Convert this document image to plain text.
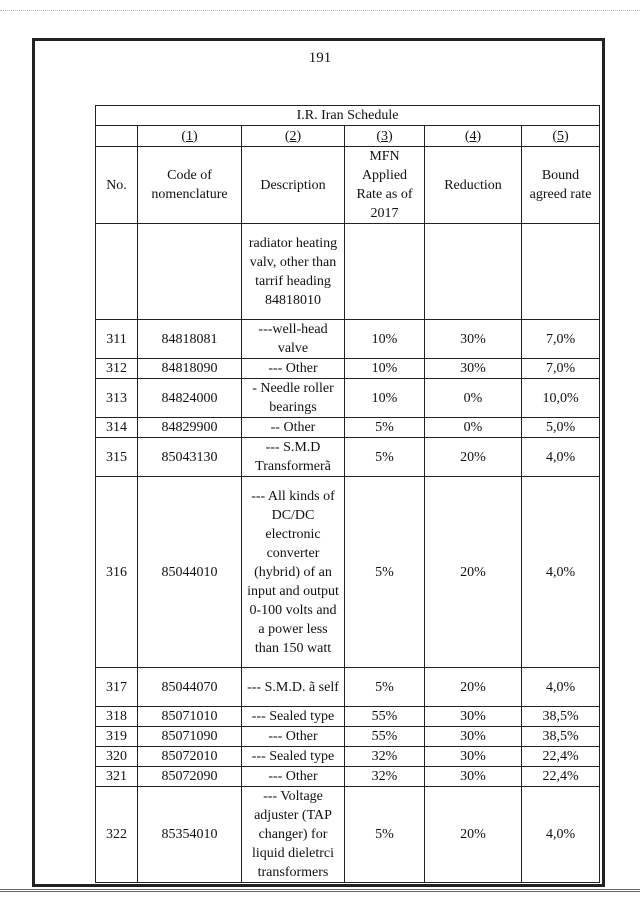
191
I.R. Iran Schedule					
	(1)	(2)	(3)	(4)	(5)
No.	Code of nomenclature	Description	MFN Applied Rate as of 2017	Reduction	Bound agreed rate
		radiator heating valv, other than tarrif heading 84818010			
311	84818081	---well-head valve	10%	30%	7,0%
312	84818090	--- Other	10%	30%	7,0%
313	84824000	- Needle roller bearings	10%	0%	10,0%
314	84829900	-- Other	5%	0%	5,0%
315	85043130	--- S.M.D Transformerã	5%	20%	4,0%
316	85044010	--- All kinds of DC/DC electronic converter (hybrid) of an input and output 0-100 volts and a power less than 150 watt	5%	20%	4,0%
317	85044070	--- S.M.D. ã self	5%	20%	4,0%
318	85071010	--- Sealed type	55%	30%	38,5%
319	85071090	--- Other	55%	30%	38,5%
320	85072010	--- Sealed type	32%	30%	22,4%
321	85072090	--- Other	32%	30%	22,4%
322	85354010	--- Voltage adjuster (TAP changer) for liquid dieletrci transformers	5%	20%	4,0%
